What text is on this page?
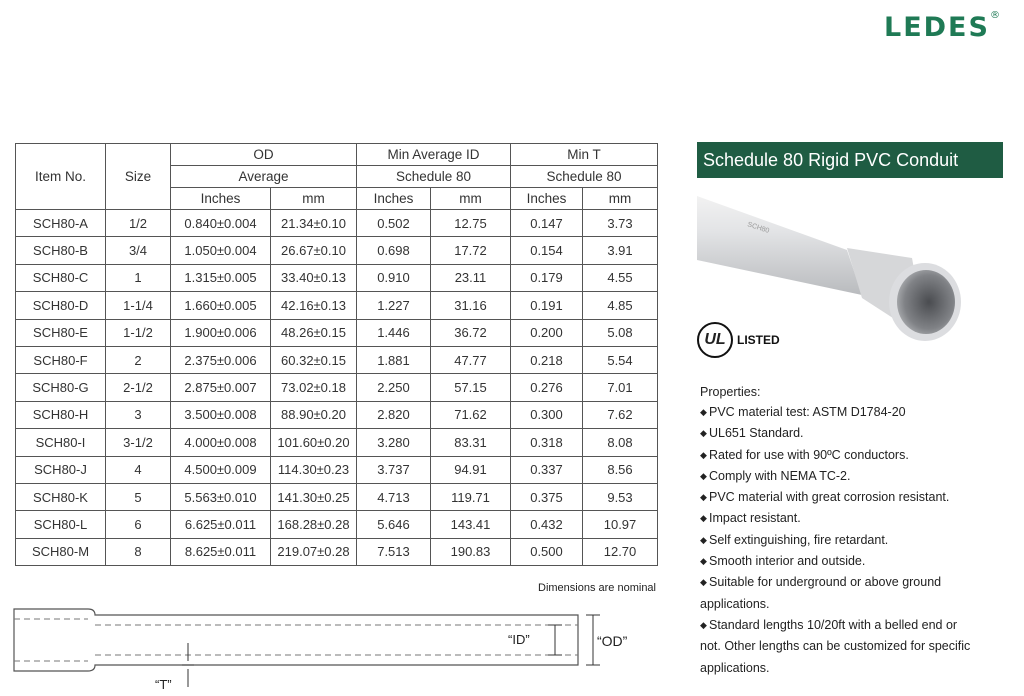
LEDES ®
Item No.	Size	OD		Min Average ID		Min T	
		Average		Schedule 80		Schedule 80	
		Inches	mm	Inches	mm	Inches	mm
SCH80-A	1/2	0.840±0.004	21.34±0.10	0.502	12.75	0.147	3.73
SCH80-B	3/4	1.050±0.004	26.67±0.10	0.698	17.72	0.154	3.91
SCH80-C	1	1.315±0.005	33.40±0.13	0.910	23.11	0.179	4.55
SCH80-D	1-1/4	1.660±0.005	42.16±0.13	1.227	31.16	0.191	4.85
SCH80-E	1-1/2	1.900±0.006	48.26±0.15	1.446	36.72	0.200	5.08
SCH80-F	2	2.375±0.006	60.32±0.15	1.881	47.77	0.218	5.54
SCH80-G	2-1/2	2.875±0.007	73.02±0.18	2.250	57.15	0.276	7.01
SCH80-H	3	3.500±0.008	88.90±0.20	2.820	71.62	0.300	7.62
SCH80-I	3-1/2	4.000±0.008	101.60±0.20	3.280	83.31	0.318	8.08
SCH80-J	4	4.500±0.009	114.30±0.23	3.737	94.91	0.337	8.56
SCH80-K	5	5.563±0.010	141.30±0.25	4.713	119.71	0.375	9.53
SCH80-L	6	6.625±0.011	168.28±0.28	5.646	143.41	0.432	10.97
SCH80-M	8	8.625±0.011	219.07±0.28	7.513	190.83	0.500	12.70
Dimensions are nominal
“ID”	“OD”
“T”
Schedule 80 Rigid PVC Conduit
SCH80
UL LISTED
Properties:
◆ PVC material test: ASTM D1784-20
◆ UL651 Standard.
◆ Rated for use with 90ºC conductors.
◆ Comply with NEMA TC-2.
◆ PVC material with great corrosion resistant.
◆ Impact resistant.
◆ Self extinguishing, fire retardant.
◆ Smooth interior and outside.
◆ Suitable for underground or above ground
applications.
◆ Standard lengths 10/20ft with a belled end or
not. Other lengths can be customized for specific applications.
